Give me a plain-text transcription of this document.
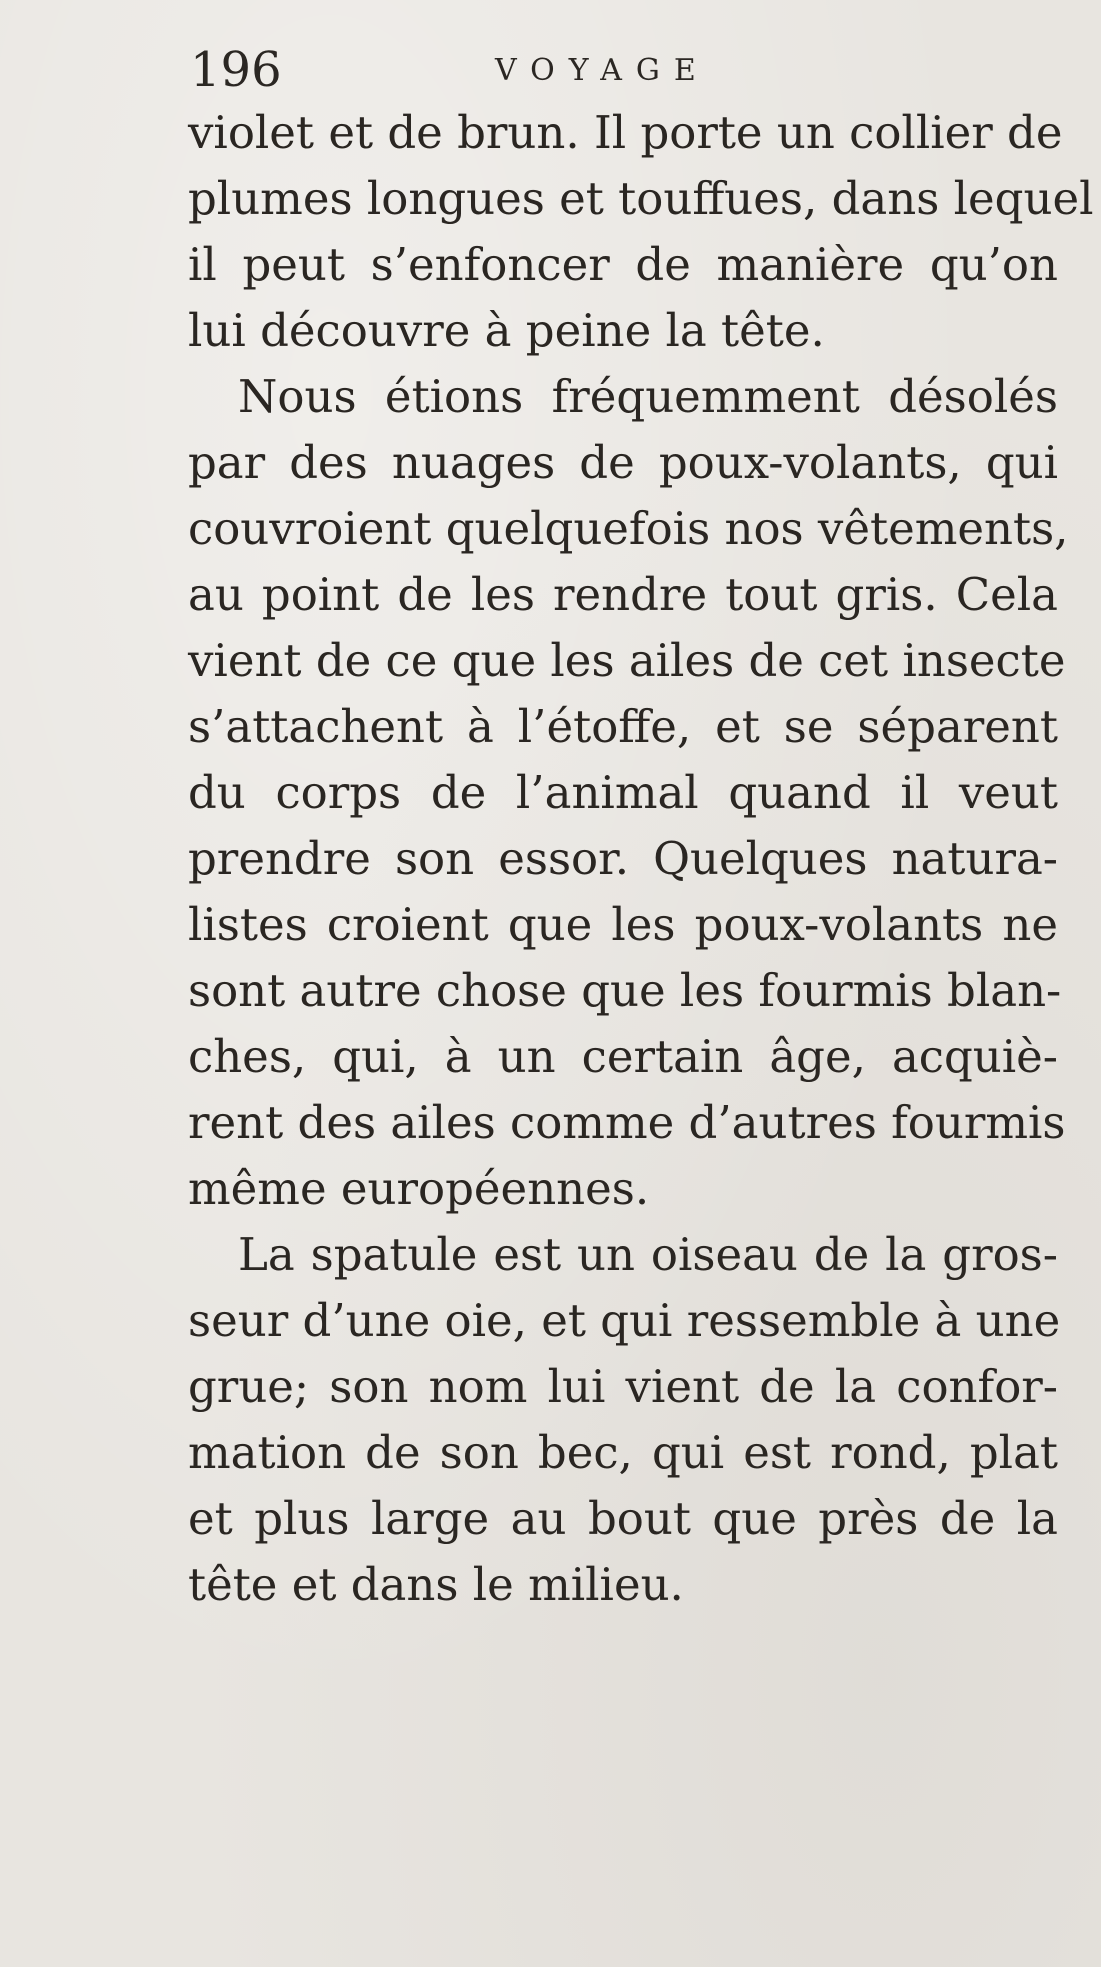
196	VOYAGE
violet et de brun. Il porte un collier de
plumes longues et touffues, dans lequel
il peut s’enfoncer de manière qu’on
lui découvre à peine la tête.
Nous étions fréquemment désolés
par des nuages de poux-volants, qui
couvroient quelquefois nos vêtements,
au point de les rendre tout gris. Cela
vient de ce que les ailes de cet insecte
s’attachent à l’étoffe, et se séparent
du corps de l’animal quand il veut
prendre son essor. Quelques natura-
listes croient que les poux-volants ne
sont autre chose que les fourmis blan-
ches, qui, à un certain âge, acquiè-
rent des ailes comme d’autres fourmis
même européennes.
La spatule est un oiseau de la gros-
seur d’une oie, et qui ressemble à une
grue; son nom lui vient de la confor-
mation de son bec, qui est rond, plat
et plus large au bout que près de la
tête et dans le milieu.
